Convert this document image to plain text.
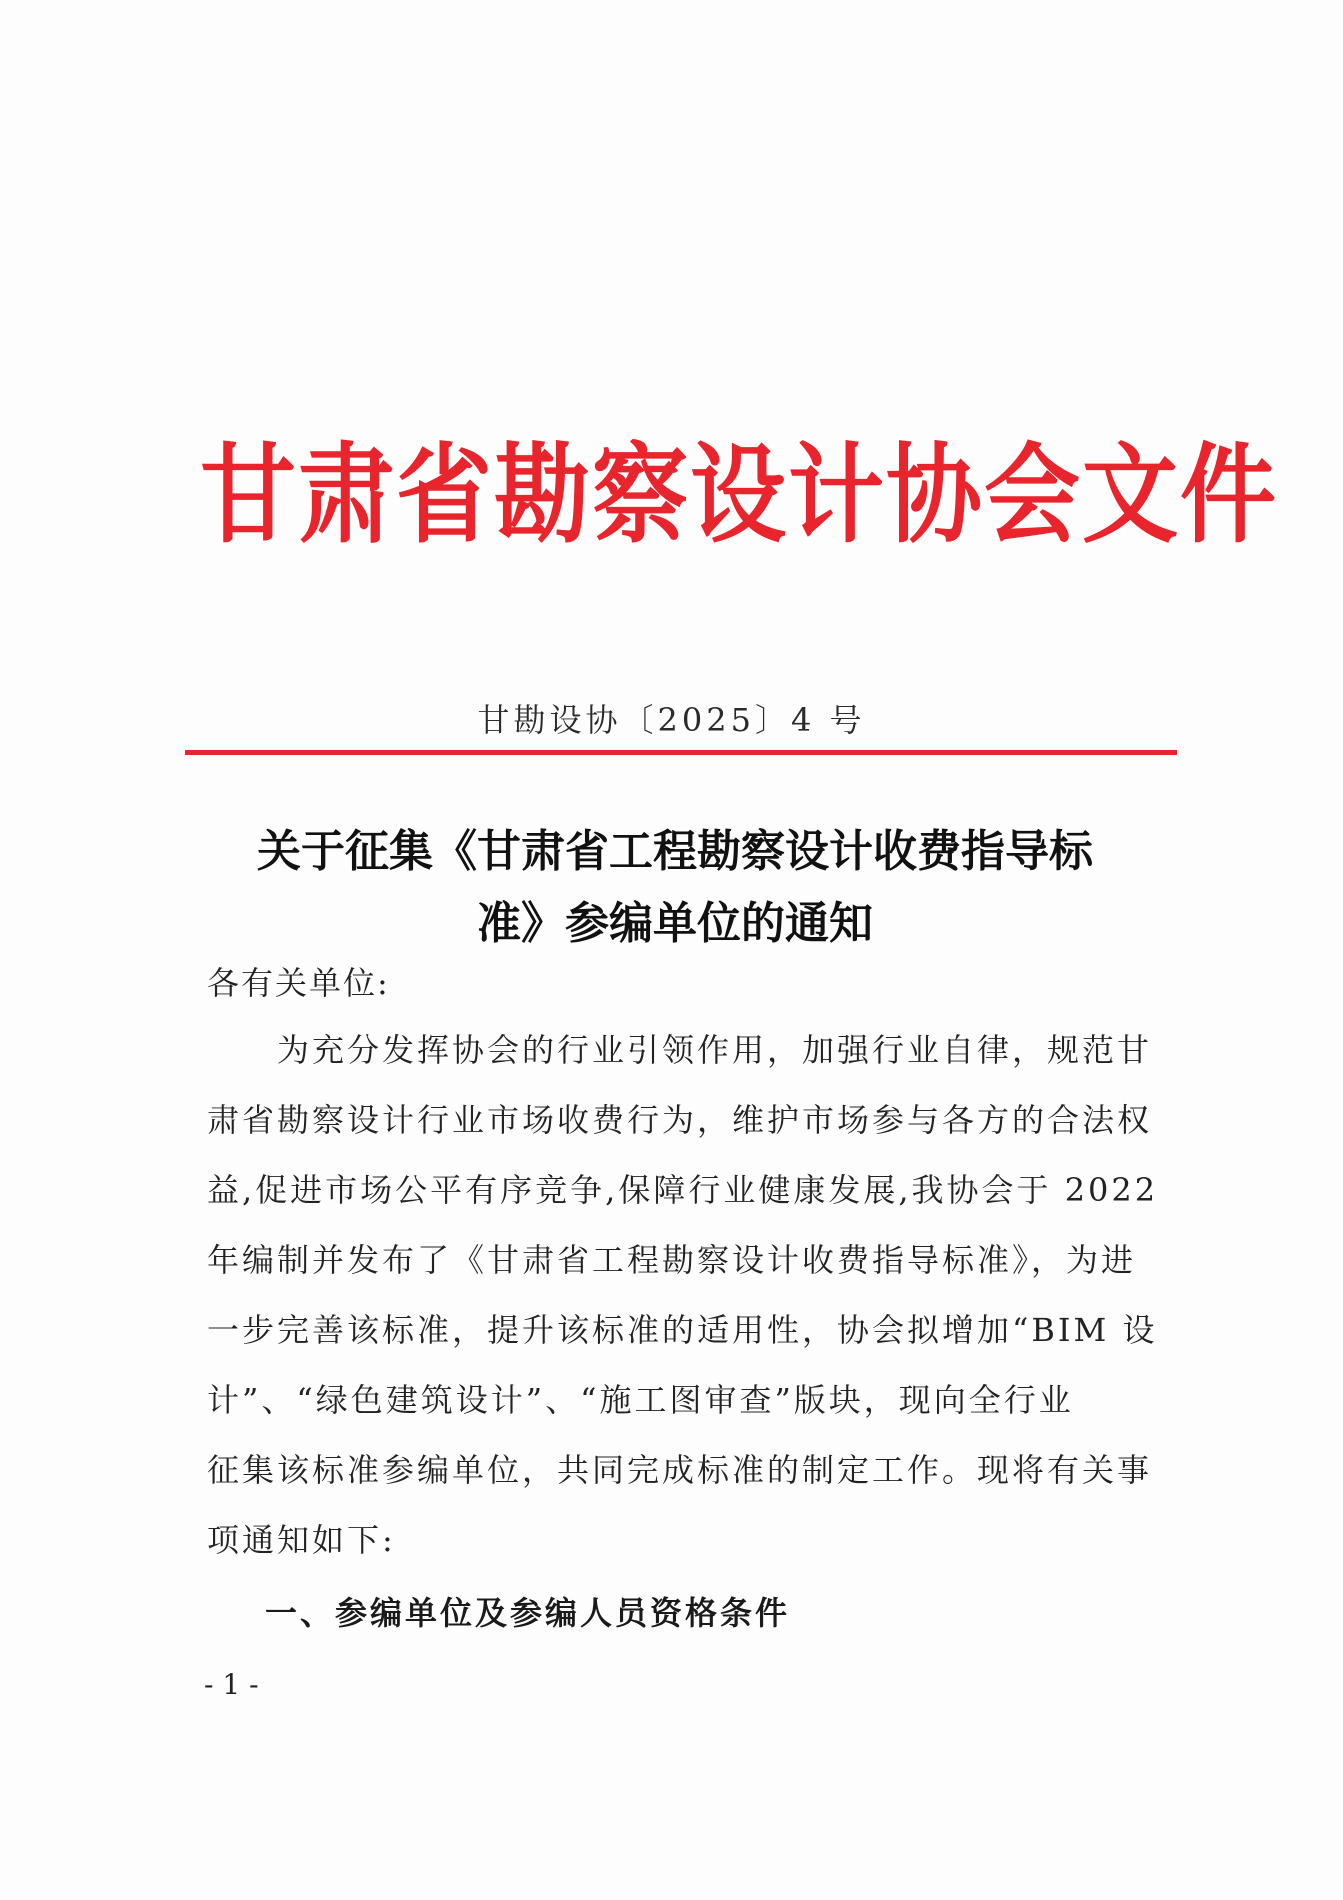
甘肃省勘察设计协会文件
甘勘设协〔2025〕4 号
关于征集《甘肃省工程勘察设计收费指导标
准》参编单位的通知
各有关单位:
　　为充分发挥协会的行业引领作用，加强行业自律，规范甘
肃省勘察设计行业市场收费行为，维护市场参与各方的合法权
益,促进市场公平有序竞争,保障行业健康发展,我协会于 2022
年编制并发布了《甘肃省工程勘察设计收费指导标准》，为进
一步完善该标准，提升该标准的适用性，协会拟增加“BIM 设
计”、“绿色建筑设计”、“施工图审查”版块，现向全行业
征集该标准参编单位，共同完成标准的制定工作。现将有关事
项通知如下:
一、参编单位及参编人员资格条件
- 1 -
